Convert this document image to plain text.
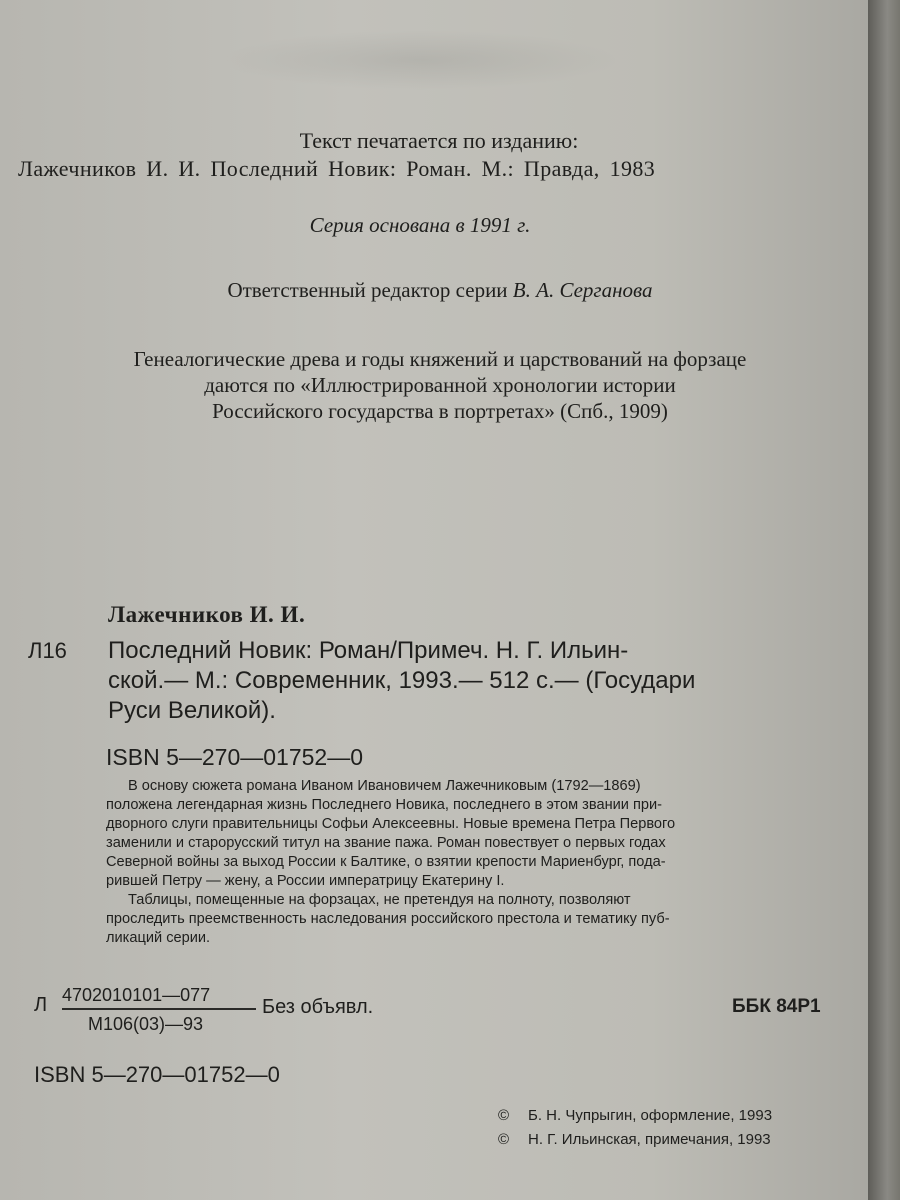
Текст печатается по изданию:
Лажечников И. И. Последний Новик: Роман. М.: Правда, 1983
Серия основана в 1991 г.
Ответственный редактор серии В. А. Серганова
Генеалогические древа и годы княжений и царствований на форзаце
даются по «Иллюстрированной хронологии истории
Российского государства в портретах» (Спб., 1909)
Лажечников И. И.
Л16 Последний Новик: Роман/Примеч. Н. Г. Ильин-
ской.— М.: Современник, 1993.— 512 с.— (Государи
Руси Великой).
ISBN 5—270—01752—0

В основу сюжета романа Иваном Ивановичем Лажечниковым (1792—1869)

положена легендарная жизнь Последнего Новика, последнего в этом звании при-

дворного слуги правительницы Софьи Алексеевны. Новые времена Петра Первого

заменили и старорусский титул на звание пажа. Роман повествует о первых годах

Северной войны за выход России к Балтике, о взятии крепости Мариенбург, пода-

рившей Петру — жену, а России императрицу Екатерину I.

Таблицы, помещенные на форзацах, не претендуя на полноту, позволяют

проследить преемственность наследования российского престола и тематику пуб-

ликаций серии.

Л 4702010101—077
М106(03)—93
Без объявл.	ББК 84Р1
ISBN 5—270—01752—0
© Б. Н. Чупрыгин, оформление, 1993
© Н. Г. Ильинская, примечания, 1993
